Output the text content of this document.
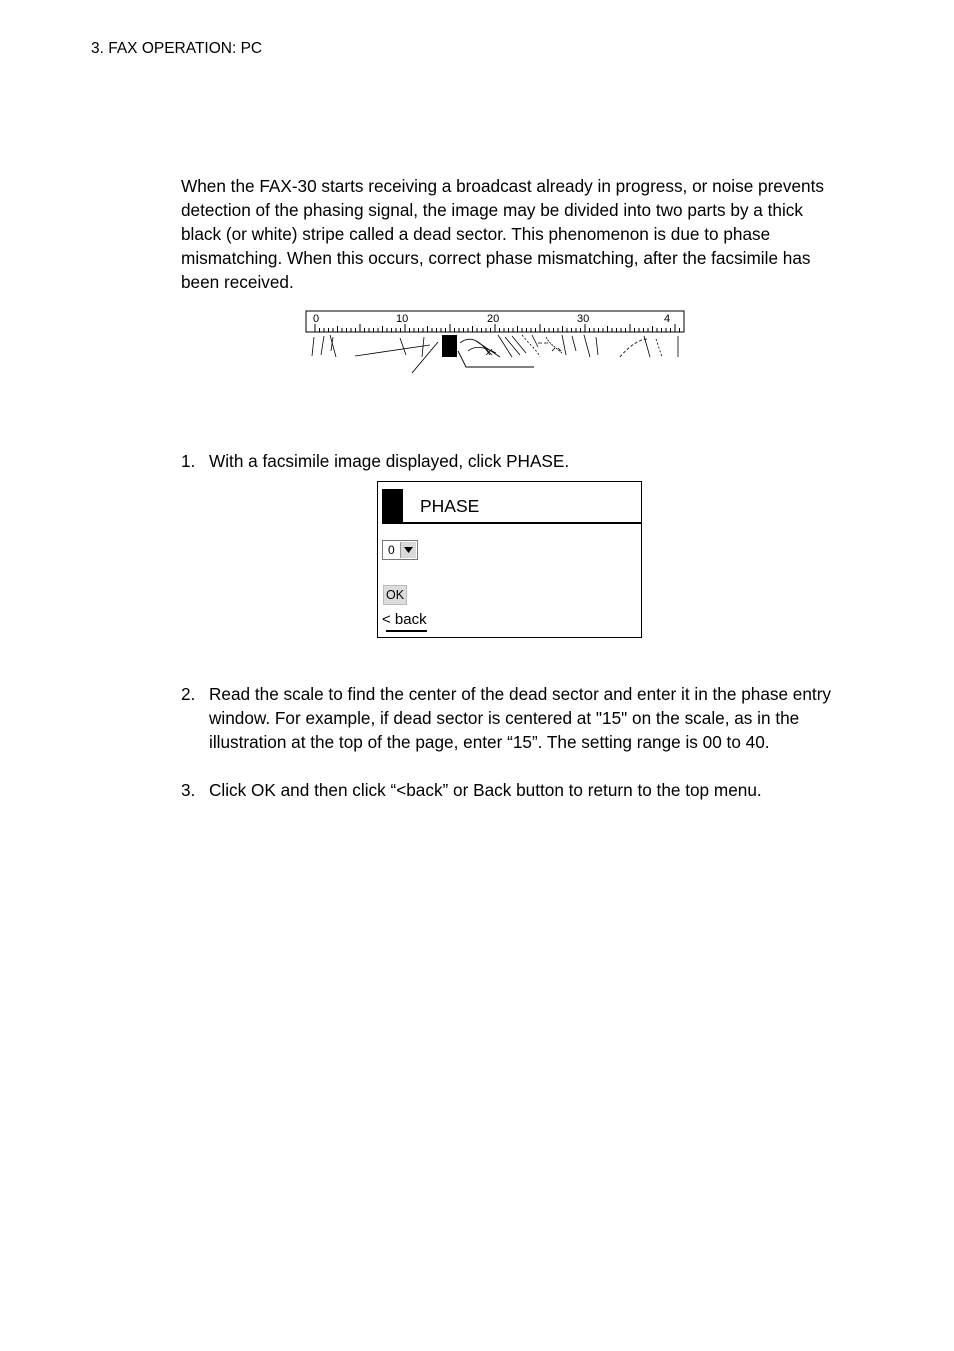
3. FAX OPERATION: PC
When the FAX-30 starts receiving a broadcast already in progress, or noise prevents detection of the phasing signal, the image may be divided into two parts by a thick black (or white) stripe called a dead sector. This phenomenon is due to phase mismatching. When this occurs, correct phase mismatching, after the facsimile has been received.
0	10	20	30	4
1. With a facsimile image displayed, click PHASE.
PHASE
0
OK
< back
2. Read the scale to find the center of the dead sector and enter it in the phase entry window. For example, if dead sector is centered at "15" on the scale, as in the illustration at the top of the page, enter “15”. The setting range is 00 to 40.
3. Click OK and then click “<back” or Back button to return to the top menu.
